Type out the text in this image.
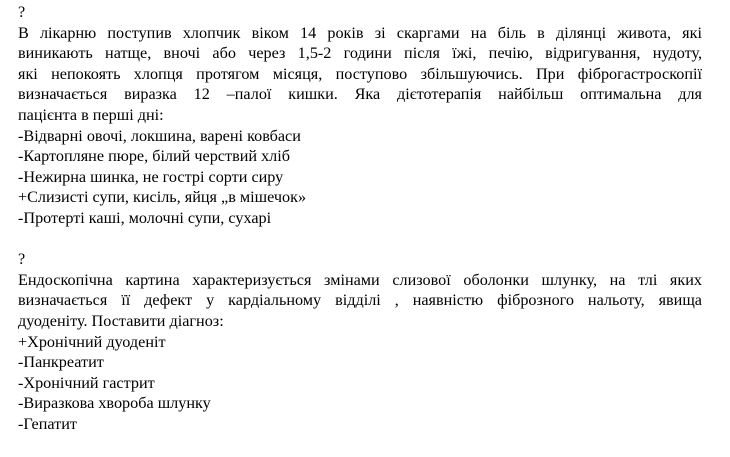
?
В лікарню поступив хлопчик віком 14 років зі скаргами на біль в ділянці живота, які
виникають натще, вночі або через 1,5-2 години після їжі, печію, відригування, нудоту,
які непокоять хлопця протягом місяця, поступово збільшуючись. При фіброгастроскопії
визначається виразка 12 –палої кишки. Яка дієтотерапія найбільш оптимальна для
пацієнта в перші дні:
-Відварні овочі, локшина, варені ковбаси
-Картопляне пюре, білий черствий хліб
-Нежирна шинка, не гострі сорти сиру
+Слизисті супи, кисіль, яйця „в мішечок»
-Протерті каші, молочні супи, сухарі
?
Ендоскопічна картина характеризується змінами слизової оболонки шлунку, на тлі яких
визначається її дефект у кардіальному відділі , наявністю фіброзного нальоту, явища
дуоденіту. Поставити діагноз:
+Хронічний дуоденіт
-Панкреатит
-Хронічний гастрит
-Виразкова хвороба шлунку
-Гепатит
